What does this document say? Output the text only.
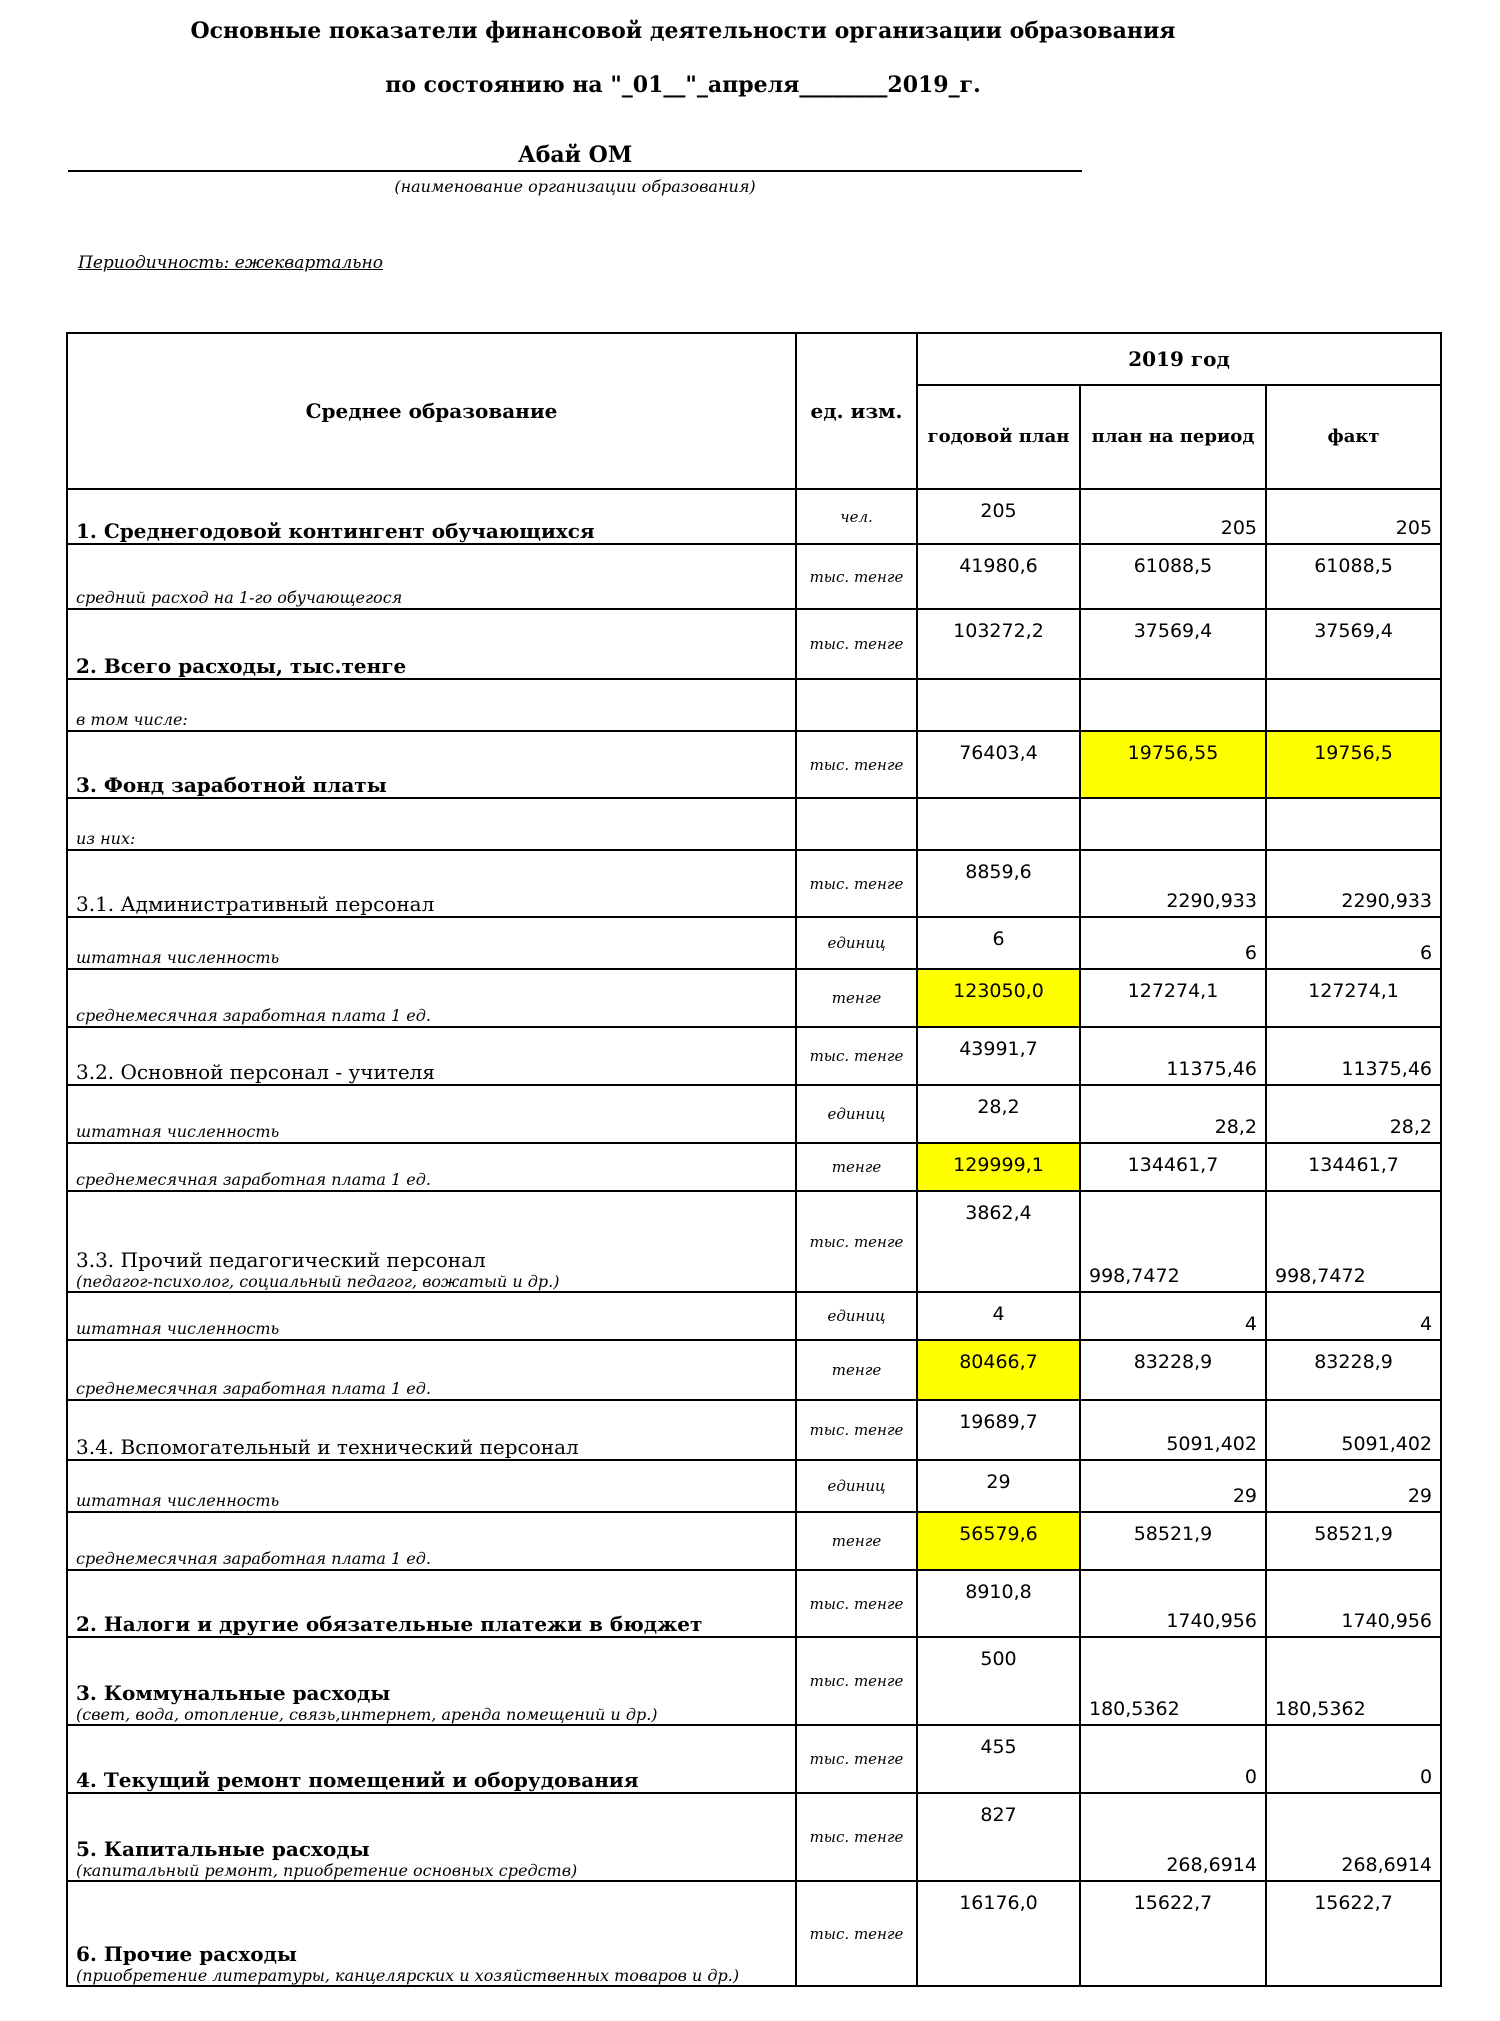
Основные показатели финансовой деятельности организации образования
по состоянию на "_01__"_апреля________2019_г.
Абай ОМ
(наименование организации образования)
Периодичность: ежеквартально
Среднее образование	ед. изм.	2019 год		
		годовой план	план на период	факт
1. Среднегодовой контингент обучающихся	чел.	205	205	205
средний расход на 1-го обучающегося	тыс. тенге	41980,6	61088,5	61088,5
2. Всего расходы, тыс.тенге	тыс. тенге	103272,2	37569,4	37569,4
в том числе:				
3. Фонд заработной платы	тыс. тенге	76403,4	19756,55	19756,5
из них:				
3.1. Административный персонал	тыс. тенге	8859,6	2290,933	2290,933
штатная численность	единиц	6	6	6
среднемесячная заработная плата 1 ед.	тенге	123050,0	127274,1	127274,1
3.2. Основной персонал - учителя	тыс. тенге	43991,7	11375,46	11375,46
штатная численность	единиц	28,2	28,2	28,2
среднемесячная заработная плата 1 ед.	тенге	129999,1	134461,7	134461,7
3.3. Прочий педагогический персонал
(педагог-психолог, социальный педагог, вожатый и др.)	тыс. тенге	3862,4	998,7472	998,7472
штатная численность	единиц	4	4	4
среднемесячная заработная плата 1 ед.	тенге	80466,7	83228,9	83228,9
3.4. Вспомогательный и технический персонал	тыс. тенге	19689,7	5091,402	5091,402
штатная численность	единиц	29	29	29
среднемесячная заработная плата 1 ед.	тенге	56579,6	58521,9	58521,9
2. Налоги и другие обязательные платежи в бюджет	тыс. тенге	8910,8	1740,956	1740,956
3. Коммунальные расходы
(свет, вода, отопление, связь,интернет, аренда помещений и др.)	тыс. тенге	500	180,5362	180,5362
4. Текущий ремонт помещений и оборудования	тыс. тенге	455	0	0
5. Капитальные расходы
(капитальный ремонт, приобретение основных средств)	тыс. тенге	827	268,6914	268,6914
6. Прочие расходы
(приобретение литературы, канцелярских и хозяйственных товаров и др.)	тыс. тенге	16176,0	15622,7	15622,7
